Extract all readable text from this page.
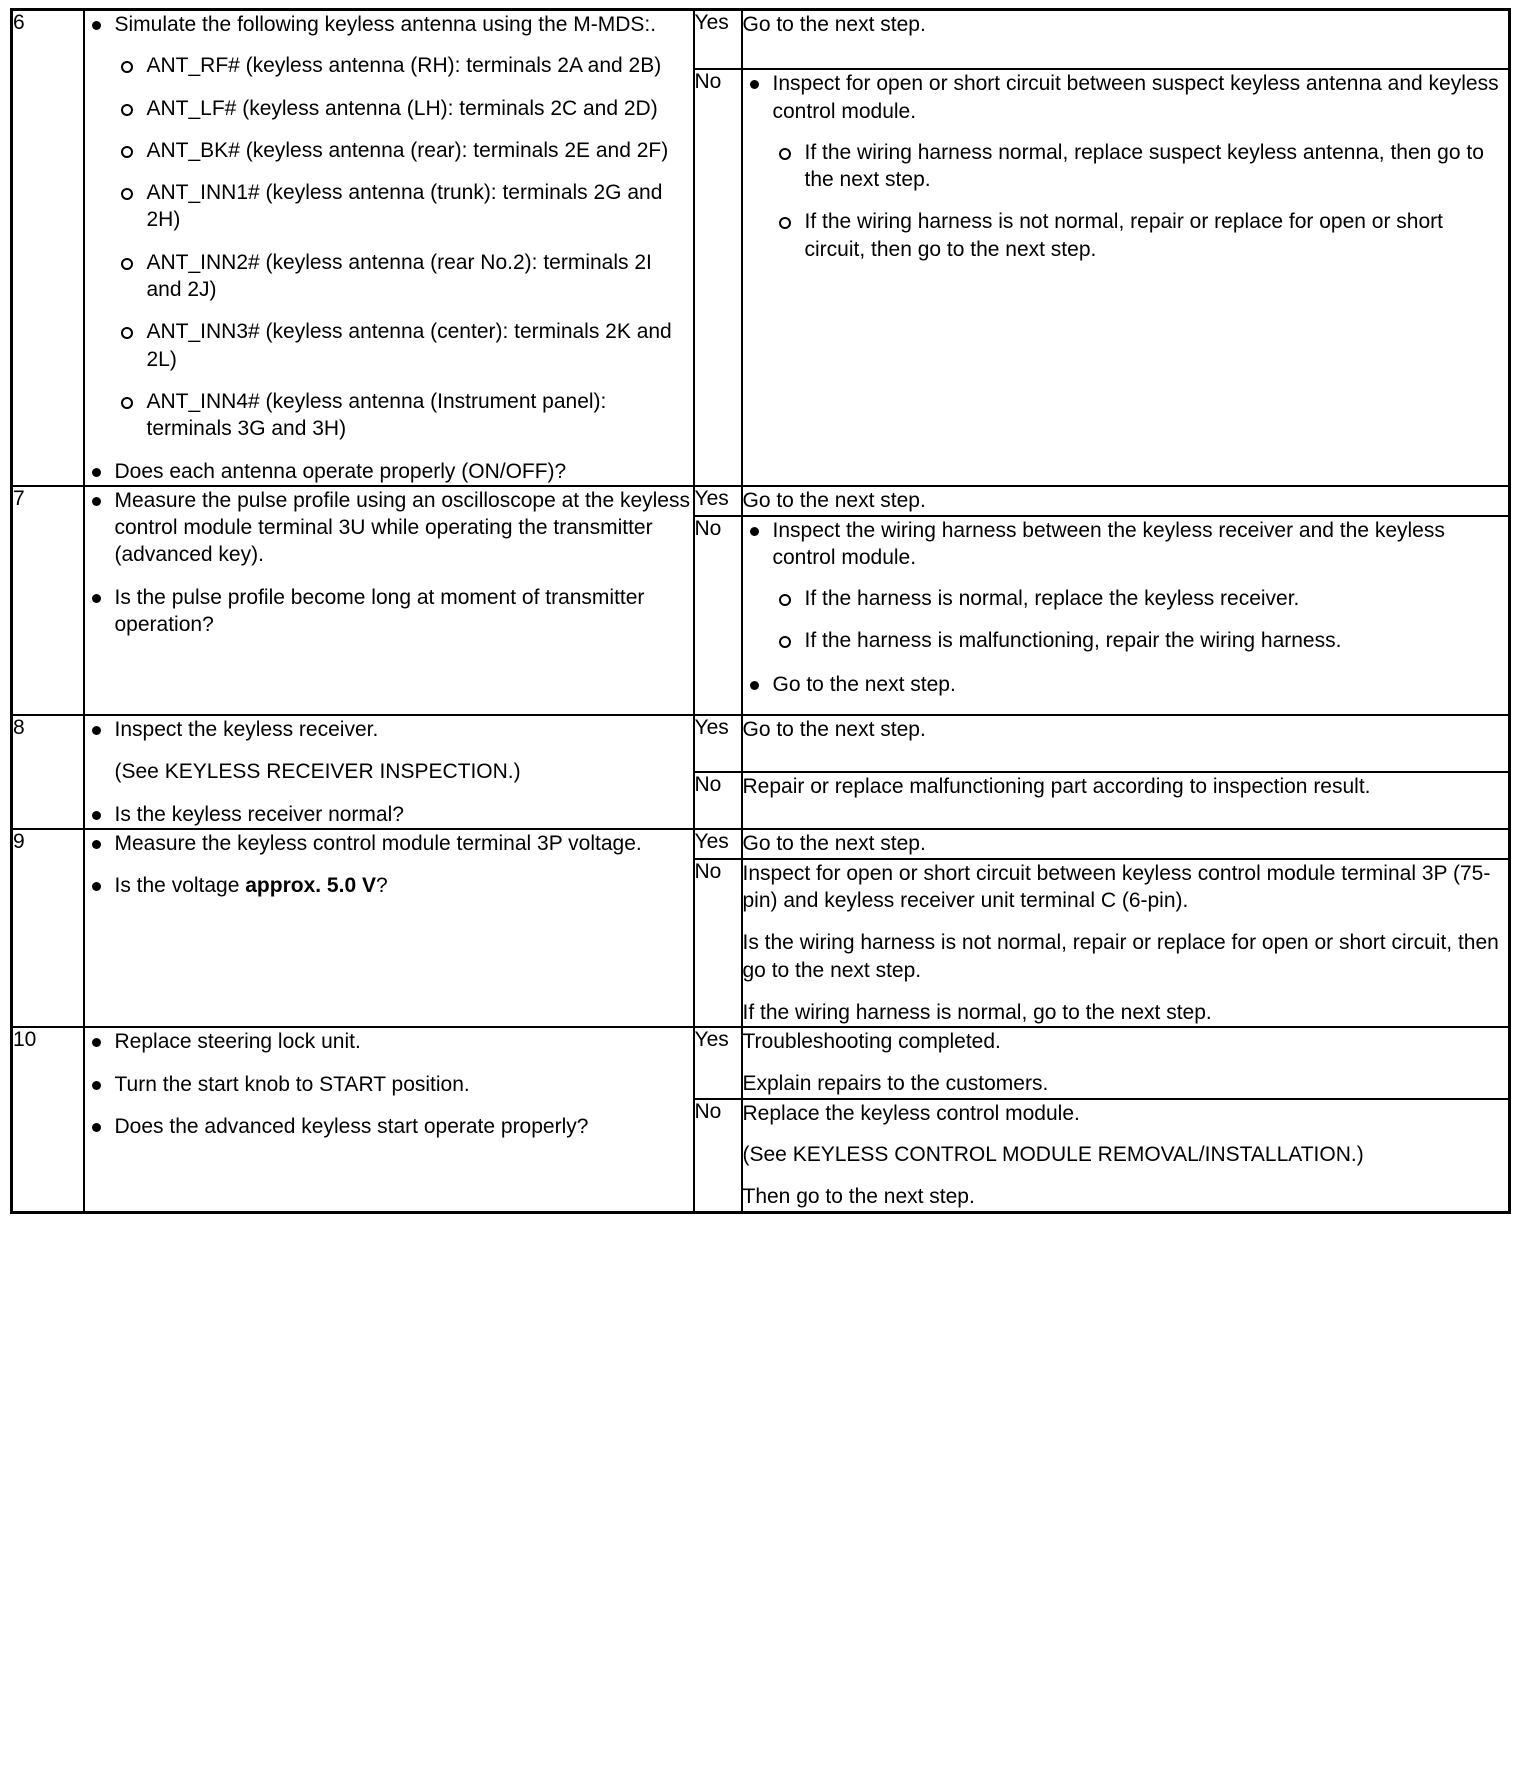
6	Simulate the following keyless antenna using the M-MDS:.
ANT_RF# (keyless antenna (RH): terminals 2A and 2B)
ANT_LF# (keyless antenna (LH): terminals 2C and 2D)
ANT_BK# (keyless antenna (rear): terminals 2E and 2F)
ANT_INN1# (keyless antenna (trunk): terminals 2G and 2H)
ANT_INN2# (keyless antenna (rear No.2): terminals 2I and 2J)
ANT_INN3# (keyless antenna (center): terminals 2K and 2L)
ANT_INN4# (keyless antenna (Instrument panel): terminals 3G and 3H)
Does each antenna operate properly (ON/OFF)?
	Yes	Go to the next step.

No	Inspect for open or short circuit between suspect keyless antenna and keyless control module.
If the wiring harness normal, replace suspect keyless antenna, then go to the next step.
If the wiring harness is not normal, repair or replace for open or short circuit, then go to the next step.

7	Measure the pulse profile using an oscilloscope at the keyless control module terminal 3U while operating the transmitter (advanced key).
Is the pulse profile become long at moment of transmitter operation?
	Yes	Go to the next step.

No	Inspect the wiring harness between the keyless receiver and the keyless control module.
If the harness is normal, replace the keyless receiver.
If the harness is malfunctioning, repair the wiring harness.
Go to the next step.

8	Inspect the keyless receiver.
(See KEYLESS RECEIVER INSPECTION.)
Is the keyless receiver normal?
	Yes	Go to the next step.

		No	Repair or replace malfunctioning part according to inspection result.

9	Measure the keyless control module terminal 3P voltage.
Is the voltage approx. 5.0 V?
	Yes	Go to the next step.

		No	Inspect for open or short circuit between keyless control module terminal 3P (75-pin) and keyless receiver unit terminal C (6-pin).

Is the wiring harness is not normal, repair or replace for open or short circuit, then go to the next step.

If the wiring harness is normal, go to the next step.

10	Replace steering lock unit.
Turn the start knob to START position.
Does the advanced keyless start operate properly?
	Yes	Troubleshooting completed.

Explain repairs to the customers.

		No	Replace the keyless control module.

(See KEYLESS CONTROL MODULE REMOVAL/INSTALLATION.)

Then go to the next step.
